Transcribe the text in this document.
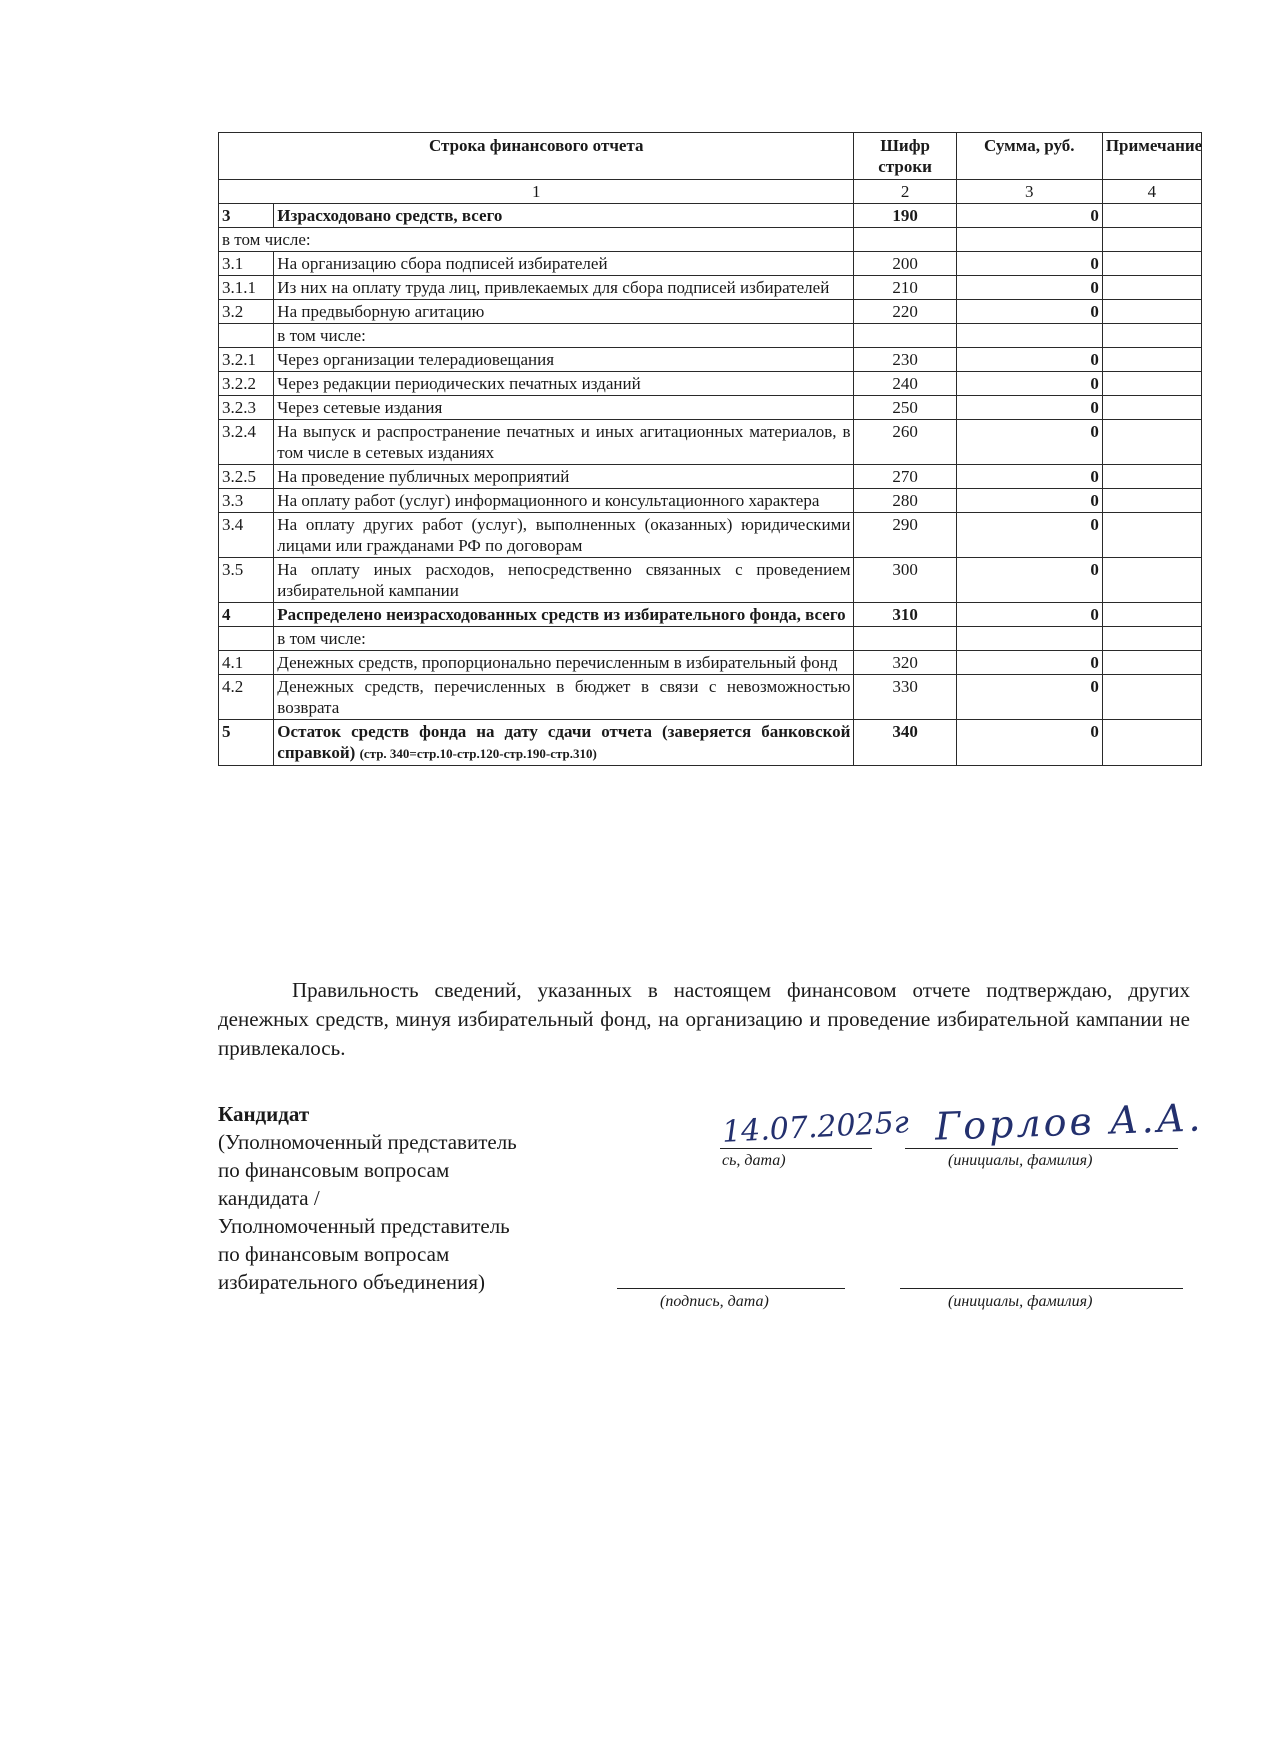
Строка финансового отчета		Шифр строки	Сумма, руб.	Примечание
1		2	3	4
3	Израсходовано средств, всего	190	0	
в том числе:				
3.1	На организацию сбора подписей избирателей	200	0	
3.1.1	Из них на оплату труда лиц, привлекаемых для сбора подписей избирателей	210	0	
3.2	На предвыборную агитацию	220	0	
	в том числе:			
3.2.1	Через организации телерадиовещания	230	0	
3.2.2	Через редакции периодических печатных изданий	240	0	
3.2.3	Через сетевые издания	250	0	
3.2.4	На выпуск и распространение печатных и иных агитационных материалов, в том числе в сетевых изданиях	260	0	
3.2.5	На проведение публичных мероприятий	270	0	
3.3	На оплату работ (услуг) информационного и консультационного характера	280	0	
3.4	На оплату других работ (услуг), выполненных (оказанных) юридическими лицами или гражданами РФ по договорам	290	0	
3.5	На оплату иных расходов, непосредственно связанных с проведением избирательной кампании	300	0	
4	Распределено неизрасходованных средств из избирательного фонда, всего	310	0	
	в том числе:			
4.1	Денежных средств, пропорционально перечисленным в избирательный фонд	320	0	
4.2	Денежных средств, перечисленных в бюджет в связи с невозможностью возврата	330	0	
5	Остаток средств фонда на дату сдачи отчета (заверяется банковской справкой) (стр. 340=стр.10-стр.120-стр.190-стр.310)	340	0	
Правильность сведений, указанных в настоящем финансовом отчете подтверждаю, других денежных средств, минуя избирательный фонд, на организацию и проведение избирательной кампании не привлекалось.
Кандидат
(Уполномоченный представитель
по финансовым вопросам
кандидата /
Уполномоченный представитель
по финансовым вопросам
избирательного объединения)
14.07.2025г
сь, дата)
Горлов А.А.
(инициалы, фамилия)
(подпись, дата)	(инициалы, фамилия)
